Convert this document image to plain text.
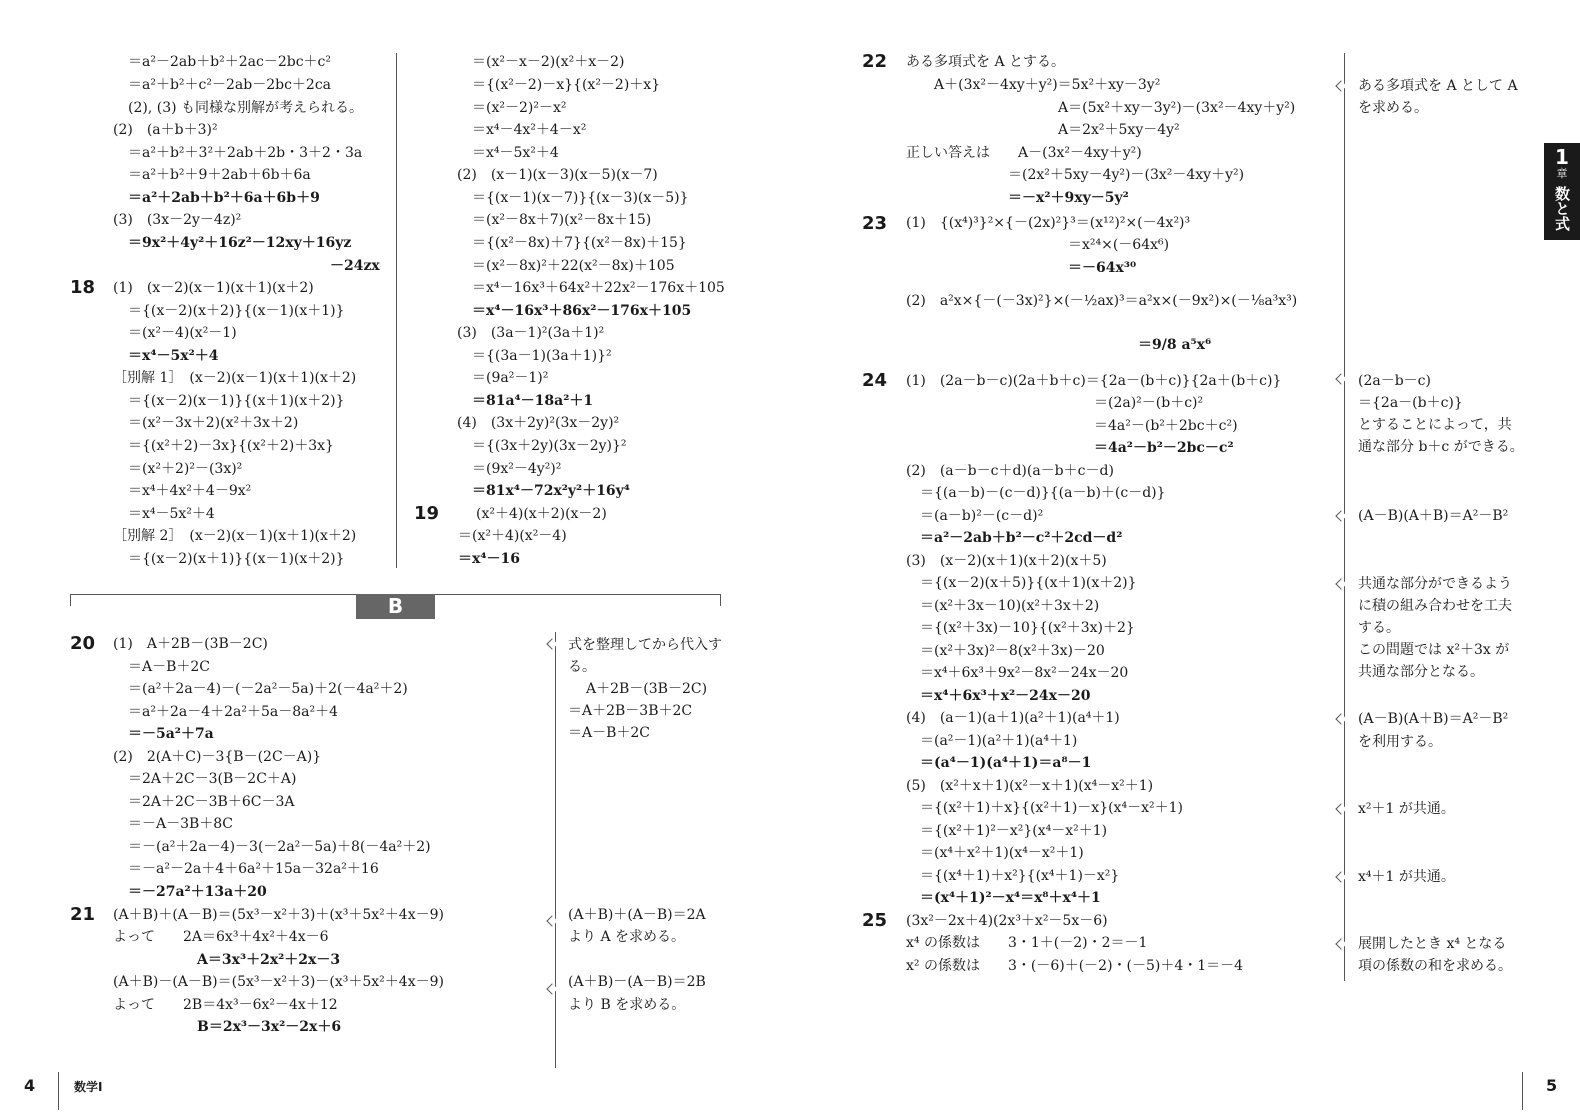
＝a²－2ab＋b²＋2ac－2bc＋c²
＝a²＋b²＋c²－2ab－2bc＋2ca
(2), (3) も同様な別解が考えられる。
(2)　(a＋b＋3)²
＝a²＋b²＋3²＋2ab＋2b・3＋2・3a
＝a²＋b²＋9＋2ab＋6b＋6a
＝a²＋2ab＋b²＋6a＋6b＋9
(3)　(3x－2y－4z)²
＝9x²＋4y²＋16z²－12xy＋16yz
－24zx
18 (1)　(x－2)(x－1)(x＋1)(x＋2)
＝{(x－2)(x＋2)}{(x－1)(x＋1)}
＝(x²－4)(x²－1)
＝x⁴－5x²＋4
［別解 1］　(x－2)(x－1)(x＋1)(x＋2)
＝{(x－2)(x－1)}{(x＋1)(x＋2)}
＝(x²－3x＋2)(x²＋3x＋2)
＝{(x²＋2)－3x}{(x²＋2)＋3x}
＝(x²＋2)²－(3x)²
＝x⁴＋4x²＋4－9x²
＝x⁴－5x²＋4
［別解 2］　(x－2)(x－1)(x＋1)(x＋2)
＝{(x－2)(x＋1)}{(x－1)(x＋2)}
＝(x²－x－2)(x²＋x－2)
＝{(x²－2)－x}{(x²－2)＋x}
＝(x²－2)²－x²
＝x⁴－4x²＋4－x²
＝x⁴－5x²＋4
(2)　(x－1)(x－3)(x－5)(x－7)
＝{(x－1)(x－7)}{(x－3)(x－5)}
＝(x²－8x＋7)(x²－8x＋15)
＝{(x²－8x)＋7}{(x²－8x)＋15}
＝(x²－8x)²＋22(x²－8x)＋105
＝x⁴－16x³＋64x²＋22x²－176x＋105
＝x⁴－16x³＋86x²－176x＋105
(3)　(3a－1)²(3a＋1)²
＝{(3a－1)(3a＋1)}²
＝(9a²－1)²
＝81a⁴－18a²＋1
(4)　(3x＋2y)²(3x－2y)²
＝{(3x＋2y)(3x－2y)}²
＝(9x²－4y²)²
＝81x⁴－72x²y²＋16y⁴
19	(x²＋4)(x＋2)(x－2)
＝(x²＋4)(x²－4)
＝x⁴－16
B
20 (1)　A＋2B－(3B－2C)
＝A－B＋2C
＝(a²＋2a－4)－(－2a²－5a)＋2(－4a²＋2)
＝a²＋2a－4＋2a²＋5a－8a²＋4
＝－5a²＋7a
(2)　2(A＋C)－3{B－(2C－A)}
＝2A＋2C－3(B－2C＋A)
＝2A＋2C－3B＋6C－3A
＝－A－3B＋8C
＝－(a²＋2a－4)－3(－2a²－5a)＋8(－4a²＋2)
＝－a²－2a＋4＋6a²＋15a－32a²＋16
＝－27a²＋13a＋20
式を整理してから代入す
る。
A＋2B－(3B－2C)
＝A＋2B－3B＋2C
＝A－B＋2C
21 (A＋B)＋(A－B)＝(5x³－x²＋3)＋(x³＋5x²＋4x－9)
よって　　2A＝6x³＋4x²＋4x－6
A＝3x³＋2x²＋2x－3
(A＋B)－(A－B)＝(5x³－x²＋3)－(x³＋5x²＋4x－9)
よって　　2B＝4x³－6x²－4x＋12
B＝2x³－3x²－2x＋6
(A＋B)＋(A－B)＝2A
より A を求める。
(A＋B)－(A－B)＝2B
より B を求める。
4	数学Ⅰ
22 ある多項式を A とする。
A＋(3x²－4xy＋y²)＝5x²＋xy－3y²
A＝(5x²＋xy－3y²)－(3x²－4xy＋y²)
A＝2x²＋5xy－4y²
正しい答えは　　A－(3x²－4xy＋y²)
＝(2x²＋5xy－4y²)－(3x²－4xy＋y²)
＝－x²＋9xy－5y²
ある多項式を A として A
を求める。
23 (1)　{(x⁴)³}²×{－(2x)²}³＝(x¹²)²×(－4x²)³
＝x²⁴×(－64x⁶)
＝－64x³⁰
(2)　a²x×{－(－3x)²}×(－½ax)³＝a²x×(－9x²)×(－⅛a³x³)
＝9/8 a⁵x⁶
24 (1)　(2a－b－c)(2a＋b＋c)＝{2a－(b＋c)}{2a＋(b＋c)}
＝(2a)²－(b＋c)²
＝4a²－(b²＋2bc＋c²)
＝4a²－b²－2bc－c²
(2)　(a－b－c＋d)(a－b＋c－d)
＝{(a－b)－(c－d)}{(a－b)＋(c－d)}
＝(a－b)²－(c－d)²
＝a²－2ab＋b²－c²＋2cd－d²
(3)　(x－2)(x＋1)(x＋2)(x＋5)
＝{(x－2)(x＋5)}{(x＋1)(x＋2)}
＝(x²＋3x－10)(x²＋3x＋2)
＝{(x²＋3x)－10}{(x²＋3x)＋2}
＝(x²＋3x)²－8(x²＋3x)－20
＝x⁴＋6x³＋9x²－8x²－24x－20
＝x⁴＋6x³＋x²－24x－20
(4)　(a－1)(a＋1)(a²＋1)(a⁴＋1)
＝(a²－1)(a²＋1)(a⁴＋1)
＝(a⁴－1)(a⁴＋1)＝a⁸－1
(5)　(x²＋x＋1)(x²－x＋1)(x⁴－x²＋1)
＝{(x²＋1)＋x}{(x²＋1)－x}(x⁴－x²＋1)
＝{(x²＋1)²－x²}(x⁴－x²＋1)
＝(x⁴＋x²＋1)(x⁴－x²＋1)
＝{(x⁴＋1)＋x²}{(x⁴＋1)－x²}
＝(x⁴＋1)²－x⁴＝x⁸＋x⁴＋1
(2a－b－c)
＝{2a－(b＋c)}
とすることによって，共
通な部分 b＋c ができる。
(A－B)(A＋B)＝A²－B²
共通な部分ができるよう
に積の組み合わせを工夫
する。
この問題では x²＋3x が
共通な部分となる。
(A－B)(A＋B)＝A²－B²
を利用する。
x²＋1 が共通。
x⁴＋1 が共通。
25 (3x²－2x＋4)(2x³＋x²－5x－6)
x⁴ の係数は　　3・1＋(－2)・2＝－1
x² の係数は　　3・(－6)＋(－2)・(－5)＋4・1＝－4
展開したとき x⁴ となる
項の係数の和を求める。
1
章
数と式
5
